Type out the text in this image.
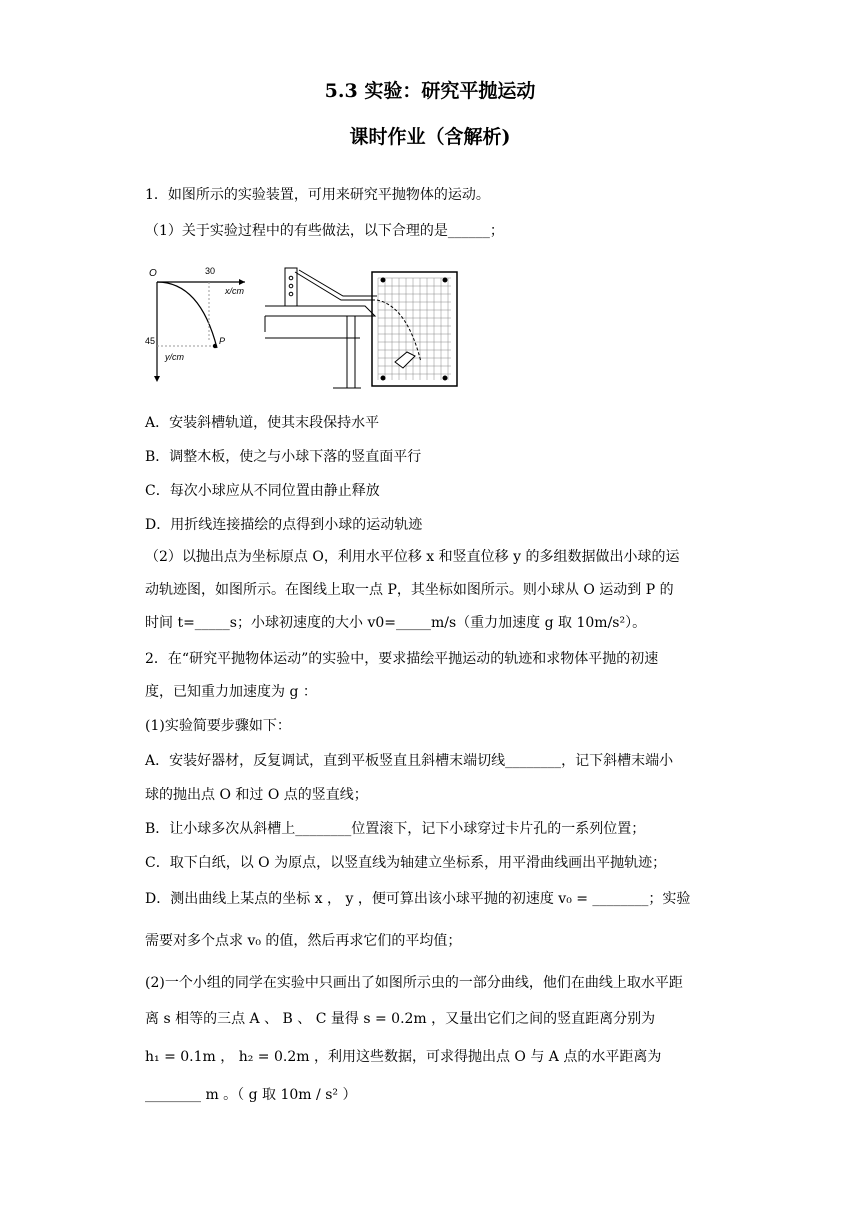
5.3 实验：研究平抛运动
课时作业（含解析)
1．如图所示的实验装置，可用来研究平抛物体的运动。
（1）关于实验过程中的有些做法，以下合理的是______；
O	30
x/cm
45
y/cm
P
A．安装斜槽轨道，使其末段保持水平
B．调整木板，使之与小球下落的竖直面平行
C．每次小球应从不同位置由静止释放
D．用折线连接描绘的点得到小球的运动轨迹
（2）以抛出点为坐标原点 O，利用水平位移 x 和竖直位移 y 的多组数据做出小球的运
动轨迹图，如图所示。在图线上取一点 P，其坐标如图所示。则小球从 O 运动到 P 的
时间 t=_____s；小球初速度的大小 v0=_____m/s（重力加速度 g 取 10m/s²）。
2．在“研究平抛物体运动”的实验中，要求描绘平抛运动的轨迹和求物体平抛的初速
度，已知重力加速度为 g ：
(1)实验简要步骤如下：
A．安装好器材，反复调试，直到平板竖直且斜槽末端切线________，记下斜槽末端小
球的抛出点 O 和过 O 点的竖直线；
B．让小球多次从斜槽上________位置滚下，记下小球穿过卡片孔的一系列位置；
C．取下白纸，以 O 为原点，以竖直线为轴建立坐标系，用平滑曲线画出平抛轨迹；
D．测出曲线上某点的坐标 x ， y ，便可算出该小球平抛的初速度 v₀ = ________；实验
需要对多个点求 v₀ 的值，然后再求它们的平均值；
(2)一个小组的同学在实验中只画出了如图所示虫的一部分曲线，他们在曲线上取水平距
离 s 相等的三点 A 、 B 、 C 量得 s = 0.2m ，又量出它们之间的竖直距离分别为
h₁ = 0.1m ， h₂ = 0.2m ，利用这些数据，可求得抛出点 O 与 A 点的水平距离为
________ m 。（ g 取 10m / s² ）
